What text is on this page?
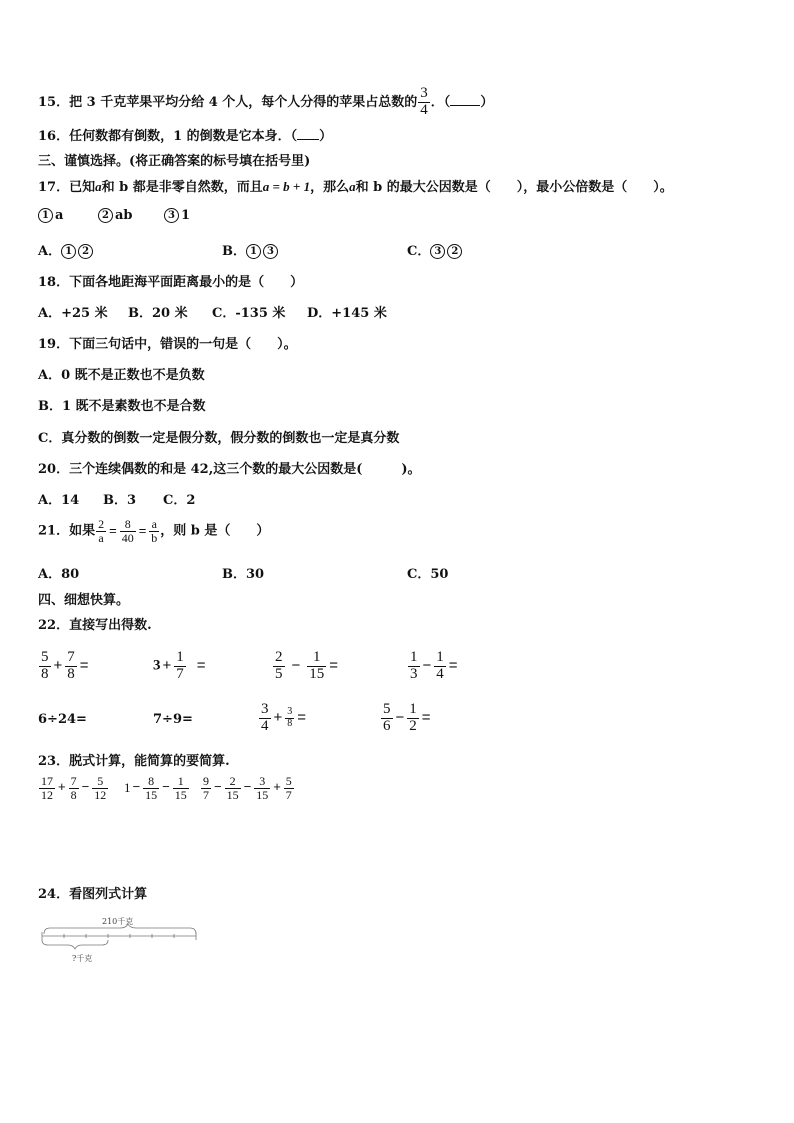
15．把 3 千克苹果平均分给 4 个人，每个人分得的苹果占总数的 $\frac{3}{4}$ ．（ ）
16．任何数都有倒数，1 的倒数是它本身．（ ）
三、谨慎选择。(将正确答案的标号填在括号里)
17．已知a和 b 都是非零自然数，而且a = b + 1，那么a和 b 的最大公因数是（　　），最小公倍数是（　　）。
1 a	2 ab	3 1
A． 1 2	B． 1 3	C． 3 2
18．下面各地距海平面距离最小的是（　　）
A．+25 米 B．20 米 C．-135 米 D．+145 米
19．下面三句话中，错误的一句是（　　）。
A．0 既不是正数也不是负数
B．1 既不是素数也不是合数
C．真分数的倒数一定是假分数，假分数的倒数也一定是真分数
20．三个连续偶数的和是 42,这三个数的最大公因数是(　　　)。
A．14 B．3 C．2
21．如果 $\frac{2}{a} = \frac{8}{40} = \frac{a}{b}$ ，则 b 是（　　）
A．80	B．30	C．50
四、细想快算。
22．直接写出得数.
$\frac{5}{8} + \frac{7}{8}$ =	$3 + \frac{1}{7}$ =	$\frac{2}{5} - \frac{1}{15}$ =	$\frac{1}{3} - \frac{1}{4}$ =
6÷24=	7÷9=	$\frac{3}{4} + \frac{3}{8}$ =	$\frac{5}{6} - \frac{1}{2}$ =
23．脱式计算，能简算的要简算.
$\frac{17}{12} + \frac{7}{8} - \frac{5}{12} 1 - \frac{8}{15} - \frac{1}{15} \frac{9}{7} - \frac{2}{15} - \frac{3}{15} + \frac{5}{7}$
24．看图列式计算
210千克
?千克
